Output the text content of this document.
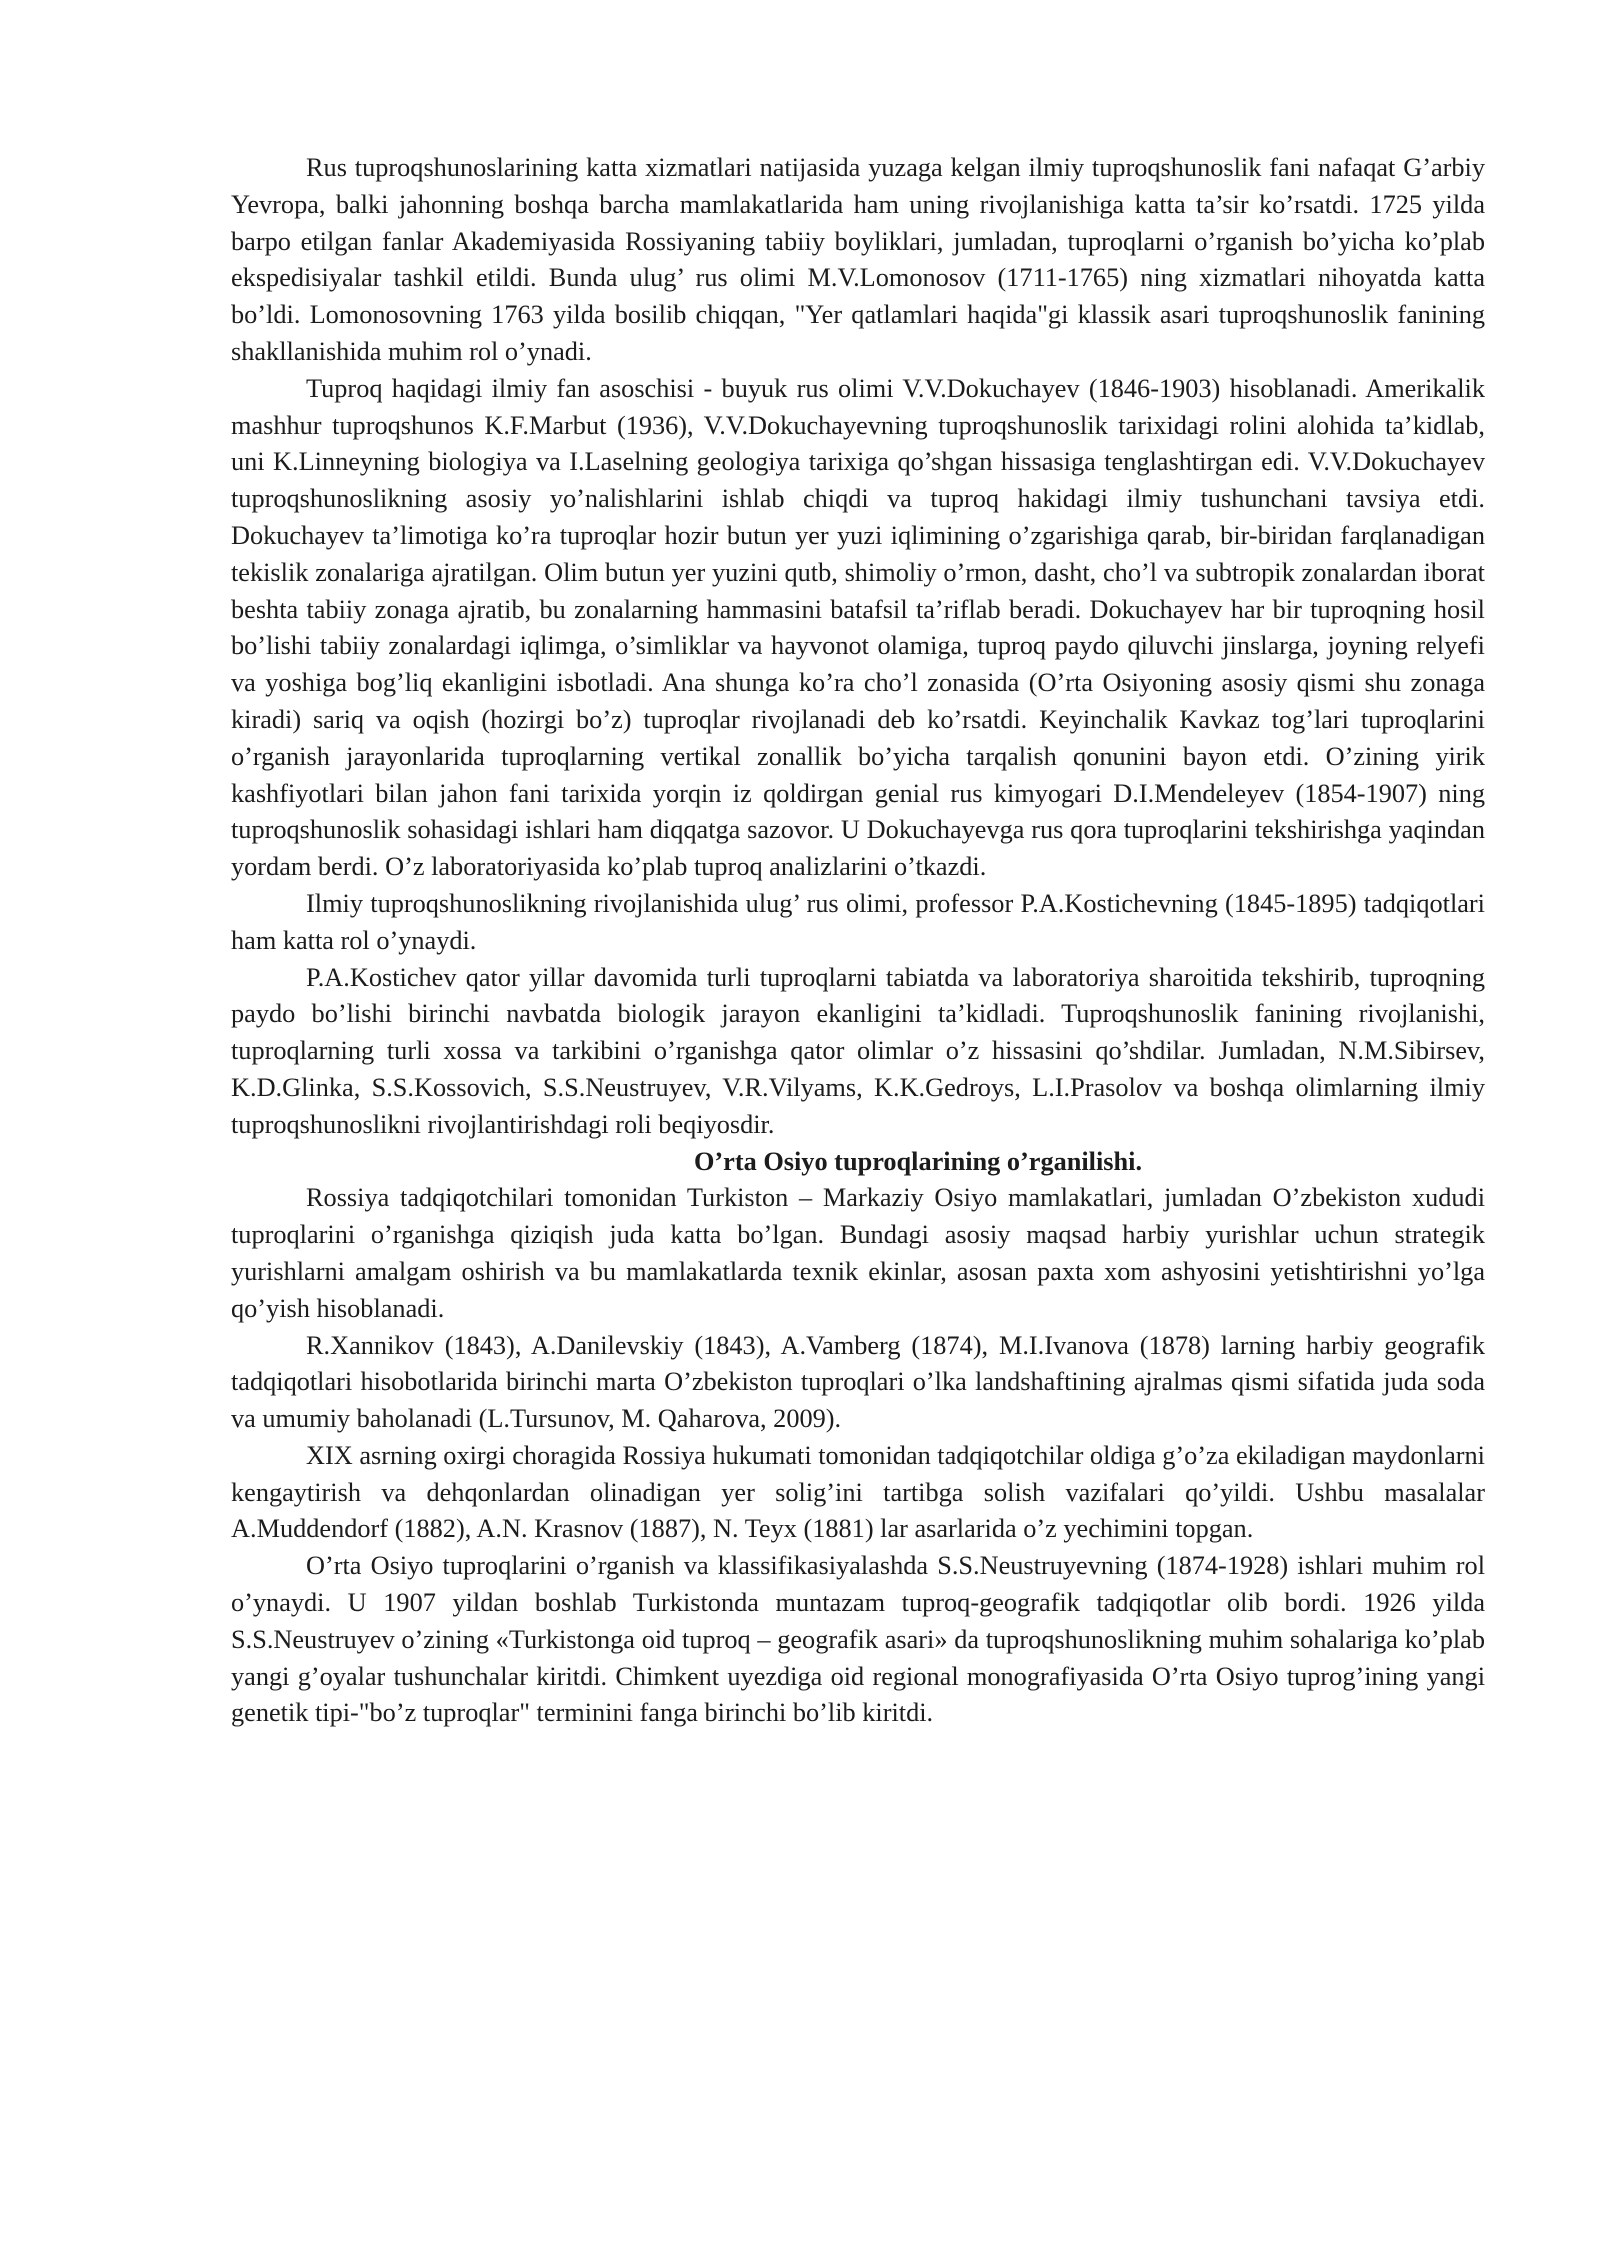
Rus tuproqshunoslarining katta xizmatlari natijasida yuzaga kelgan ilmiy tuproqshunoslik fani nafaqat G’arbiy Yevropa, balki jahonning boshqa barcha mamlakatlarida ham uning rivojlanishiga katta ta’sir ko’rsatdi. 1725 yilda barpo etilgan fanlar Akademiyasida Rossiyaning tabiiy boyliklari, jumladan, tuproqlarni o’rganish bo’yicha ko’plab ekspedisiyalar tashkil etildi. Bunda ulug’ rus olimi M.V.Lomonosov (1711-1765) ning xizmatlari nihoyatda katta bo’ldi. Lomonosovning 1763 yilda bosilib chiqqan, "Yer qatlamlari haqida"gi klassik asari tuproqshunoslik fanining shakllanishida muhim rol o’ynadi.

Tuproq haqidagi ilmiy fan asoschisi - buyuk rus olimi V.V.Dokuchayev (1846-1903) hisoblanadi. Amerikalik mashhur tuproqshunos K.F.Marbut (1936), V.V.Dokuchayevning tuproqshunoslik tarixidagi rolini alohida ta’kidlab, uni K.Linneyning biologiya va I.Laselning geologiya tarixiga qo’shgan hissasiga tenglashtirgan edi. V.V.Dokuchayev tuproqshunoslikning asosiy yo’nalishlarini ishlab chiqdi va tuproq hakidagi ilmiy tushunchani tavsiya etdi. Dokuchayev ta’limotiga ko’ra tuproqlar hozir butun yer yuzi iqlimining o’zgarishiga qarab, bir-biridan farqlanadigan tekislik zonalariga ajratilgan. Olim butun yer yuzini qutb, shimoliy o’rmon, dasht, cho’l va subtropik zonalardan iborat beshta tabiiy zonaga ajratib, bu zonalarning hammasini batafsil ta’riflab beradi. Dokuchayev har bir tuproqning hosil bo’lishi tabiiy zonalardagi iqlimga, o’simliklar va hayvonot olamiga, tuproq paydo qiluvchi jinslarga, joyning relyefi va yoshiga bog’liq ekanligini isbotladi. Ana shunga ko’ra cho’l zonasida (O’rta Osiyoning asosiy qismi shu zonaga kiradi) sariq va oqish (hozirgi bo’z) tuproqlar rivojlanadi deb ko’rsatdi. Keyinchalik Kavkaz tog’lari tuproqlarini o’rganish jarayonlarida tuproqlarning vertikal zonallik bo’yicha tarqalish qonunini bayon etdi. O’zining yirik kashfiyotlari bilan jahon fani tarixida yorqin iz qoldirgan genial rus kimyogari D.I.Mendeleyev (1854-1907) ning tuproqshunoslik sohasidagi ishlari ham diqqatga sazovor. U Dokuchayevga rus qora tuproqlarini tekshirishga yaqindan yordam berdi. O’z laboratoriyasida ko’plab tuproq analizlarini o’tkazdi.

Ilmiy tuproqshunoslikning rivojlanishida ulug’ rus olimi, professor P.A.Kostichevning (1845-1895) tadqiqotlari ham katta rol o’ynaydi.

P.A.Kostichev qator yillar davomida turli tuproqlarni tabiatda va laboratoriya sharoitida tekshirib, tuproqning paydo bo’lishi birinchi navbatda biologik jarayon ekanligini ta’kidladi. Tuproqshunoslik fanining rivojlanishi, tuproqlarning turli xossa va tarkibini o’rganishga qator olimlar o’z hissasini qo’shdilar. Jumladan, N.M.Sibirsev, K.D.Glinka, S.S.Kossovich, S.S.Neustruyev, V.R.Vilyams, K.K.Gedroys, L.I.Prasolov va boshqa olimlarning ilmiy tuproqshunoslikni rivojlantirishdagi roli beqiyosdir.

O’rta Osiyo tuproqlarining o’rganilishi.

Rossiya tadqiqotchilari tomonidan Turkiston – Markaziy Osiyo mamlakatlari, jumladan O’zbekiston xududi tuproqlarini o’rganishga qiziqish juda katta bo’lgan. Bundagi asosiy maqsad harbiy yurishlar uchun strategik yurishlarni amalgam oshirish va bu mamlakatlarda texnik ekinlar, asosan paxta xom ashyosini yetishtirishni yo’lga qo’yish hisoblanadi.

R.Xannikov (1843), A.Danilevskiy (1843), A.Vamberg (1874), M.I.Ivanova (1878) larning harbiy geografik tadqiqotlari hisobotlarida birinchi marta O’zbekiston tuproqlari o’lka landshaftining ajralmas qismi sifatida juda soda va umumiy baholanadi (L.Tursunov, M. Qaharova, 2009).

XIX asrning oxirgi choragida Rossiya hukumati tomonidan tadqiqotchilar oldiga g’o’za ekiladigan maydonlarni kengaytirish va dehqonlardan olinadigan yer solig’ini tartibga solish vazifalari qo’yildi. Ushbu masalalar A.Muddendorf (1882), A.N. Krasnov (1887), N. Teyx (1881) lar asarlarida o’z yechimini topgan.

O’rta Osiyo tuproqlarini o’rganish va klassifikasiyalashda S.S.Neustruyevning (1874-1928) ishlari muhim rol o’ynaydi. U 1907 yildan boshlab Turkistonda muntazam tuproq-geografik tadqiqotlar olib bordi. 1926 yilda S.S.Neustruyev o’zining «Turkistonga oid tuproq – geografik asari» da tuproqshunoslikning muhim sohalariga ko’plab yangi g’oyalar tushunchalar kiritdi. Chimkent uyezdiga oid regional monografiyasida O’rta Osiyo tuprog’ining yangi genetik tipi-"bo’z tuproqlar" terminini fanga birinchi bo’lib kiritdi.
